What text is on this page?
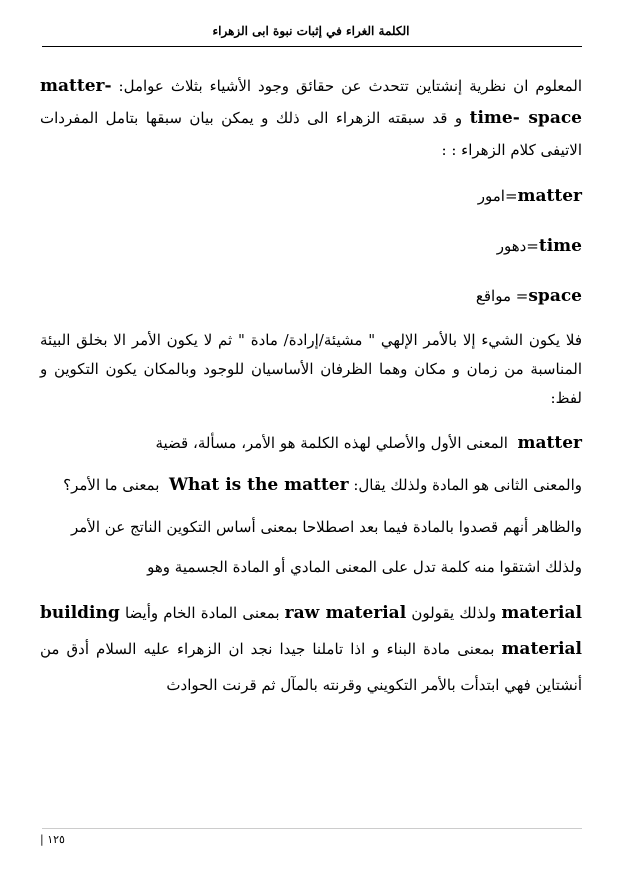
الكلمة الغراء في إثبات نبوة ابى الزهراء

المعلوم ان نظرية إنشتاين تتحدث عن حقائق وجود الأشياء بثلاث عوامل: matter- time- space و قد سبقته الزهراء الى ذلك و يمكن بيان سبقها بتامل المفردات الاتيفى كلام الزهراء : :

matter=امور

time=دهور

space= مواقع

فلا يكون الشيء إلا بالأمر الإلهي " مشيئة/إرادة/ مادة " ثم لا يكون الأمر الا بخلق البيئة المناسبة من زمان و مكان وهما الظرفان الأساسيان للوجود وبالمكان يكون التكوين و لفظ:

matter  المعنى الأول والأصلي لهذه الكلمة هو الأمر، مسألة، قضية

والمعنى الثانى هو المادة ولذلك يقال: What is the matter  بمعنى ما الأمر؟

والظاهر أنهم قصدوا بالمادة فيما بعد اصطلاحا بمعنى أساس التكوين الناتج عن الأمر

ولذلك اشتقوا منه كلمة تدل على المعنى المادي أو المادة الجسمية وهو

material ولذلك يقولون raw material بمعنى المادة الخام وأيضا building material بمعنى مادة البناء و اذا تاملنا جيدا نجد ان الزهراء عليه السلام أدق من أنشتاين فهي ابتدأت بالأمر التكويني وقرنته بالمآل ثم قرنت الحوادث

١٢٥ |
